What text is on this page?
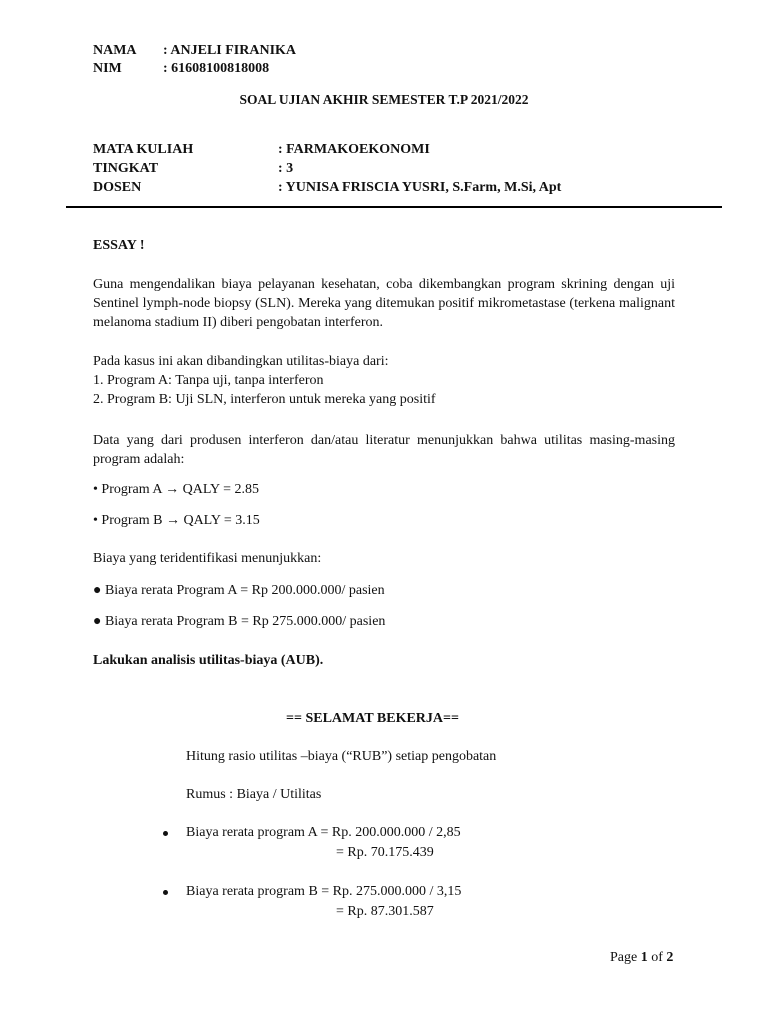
NAMA : ANJELI FIRANIKA
NIM	: 61608100818008
SOAL UJIAN AKHIR SEMESTER T.P 2021/2022
MATA KULIAH	: FARMAKOEKONOMI
TINGKAT	: 3
DOSEN	: YUNISA FRISCIA YUSRI, S.Farm, M.Si, Apt
ESSAY !
Guna mengendalikan biaya pelayanan kesehatan, coba dikembangkan program skrining dengan uji Sentinel lymph-node biopsy (SLN). Mereka yang ditemukan positif mikrometastase (terkena malignant melanoma stadium II) diberi pengobatan interferon.
Pada kasus ini akan dibandingkan utilitas-biaya dari:
1. Program A: Tanpa uji, tanpa interferon
2. Program B: Uji SLN, interferon untuk mereka yang positif
Data yang dari produsen interferon dan/atau literatur menunjukkan bahwa utilitas masing-masing program adalah:
• Program A → QALY = 2.85
• Program B → QALY = 3.15
Biaya yang teridentifikasi menunjukkan:
● Biaya rerata Program A = Rp 200.000.000/ pasien
● Biaya rerata Program B = Rp 275.000.000/ pasien
Lakukan analisis utilitas-biaya (AUB).
== SELAMAT BEKERJA==
Hitung rasio utilitas –biaya (“RUB”) setiap pengobatan
Rumus : Biaya / Utilitas
Biaya rerata program A = Rp. 200.000.000 / 2,85
= Rp. 70.175.439
Biaya rerata program B = Rp. 275.000.000 / 3,15
= Rp. 87.301.587
Page 1 of 2
